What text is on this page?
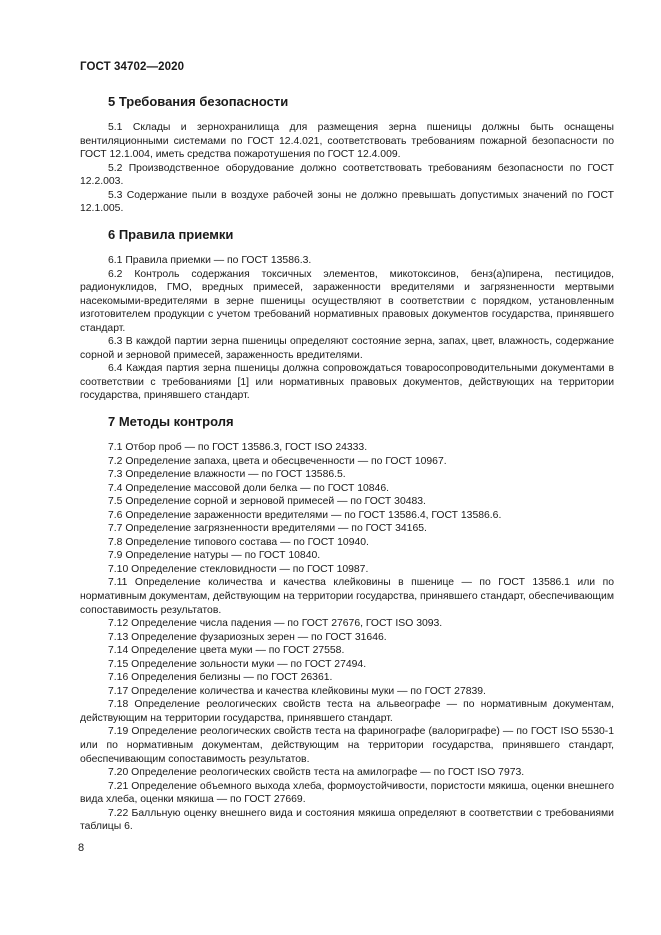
ГОСТ 34702—2020
5 Требования безопасности

5.1 Склады и зернохранилища для размещения зерна пшеницы должны быть оснащены вентиляционными системами по ГОСТ 12.4.021, соответствовать требованиям пожарной безопасности по ГОСТ 12.1.004, иметь средства пожаротушения по ГОСТ 12.4.009.

5.2 Производственное оборудование должно соответствовать требованиям безопасности по ГОСТ 12.2.003.

5.3 Содержание пыли в воздухе рабочей зоны не должно превышать допустимых значений по ГОСТ 12.1.005.

6 Правила приемки

6.1 Правила приемки — по ГОСТ 13586.3.

6.2 Контроль содержания токсичных элементов, микотоксинов, бенз(а)пирена, пестицидов, радионуклидов, ГМО, вредных примесей, зараженности вредителями и загрязненности мертвыми насекомыми-вредителями в зерне пшеницы осуществляют в соответствии с порядком, установленным изготовителем продукции с учетом требований нормативных правовых документов государства, принявшего стандарт.

6.3 В каждой партии зерна пшеницы определяют состояние зерна, запах, цвет, влажность, содержание сорной и зерновой примесей, зараженность вредителями.

6.4 Каждая партия зерна пшеницы должна сопровождаться товаросопроводительными документами в соответствии с требованиями [1] или нормативных правовых документов, действующих на территории государства, принявшего стандарт.

7 Методы контроля

7.1 Отбор проб — по ГОСТ 13586.3, ГОСТ ISO 24333.

7.2 Определение запаха, цвета и обесцвеченности — по ГОСТ 10967.

7.3 Определение влажности — по ГОСТ 13586.5.

7.4 Определение массовой доли белка — по ГОСТ 10846.

7.5 Определение сорной и зерновой примесей — по ГОСТ 30483.

7.6 Определение зараженности вредителями — по ГОСТ 13586.4, ГОСТ 13586.6.

7.7 Определение загрязненности вредителями — по ГОСТ 34165.

7.8 Определение типового состава — по ГОСТ 10940.

7.9 Определение натуры — по ГОСТ 10840.

7.10 Определение стекловидности — по ГОСТ 10987.

7.11 Определение количества и качества клейковины в пшенице — по ГОСТ 13586.1 или по нормативным документам, действующим на территории государства, принявшего стандарт, обеспечивающим сопоставимость результатов.

7.12 Определение числа падения — по ГОСТ 27676, ГОСТ ISO 3093.

7.13 Определение фузариозных зерен — по ГОСТ 31646.

7.14 Определение цвета муки — по ГОСТ 27558.

7.15 Определение зольности муки — по ГОСТ 27494.

7.16 Определения белизны — по ГОСТ 26361.

7.17 Определение количества и качества клейковины муки — по ГОСТ 27839.

7.18 Определение реологических свойств теста на альвеографе — по нормативным документам, действующим на территории государства, принявшего стандарт.

7.19 Определение реологических свойств теста на фаринографе (валориграфе) — по ГОСТ ISO 5530-1 или по нормативным документам, действующим на территории государства, принявшего стандарт, обеспечивающим сопоставимость результатов.

7.20 Определение реологических свойств теста на амилографе — по ГОСТ ISO 7973.

7.21 Определение объемного выхода хлеба, формоустойчивости, пористости мякиша, оценки внешнего вида хлеба, оценки мякиша — по ГОСТ 27669.

7.22 Балльную оценку внешнего вида и состояния мякиша определяют в соответствии с требованиями таблицы 6.

8
